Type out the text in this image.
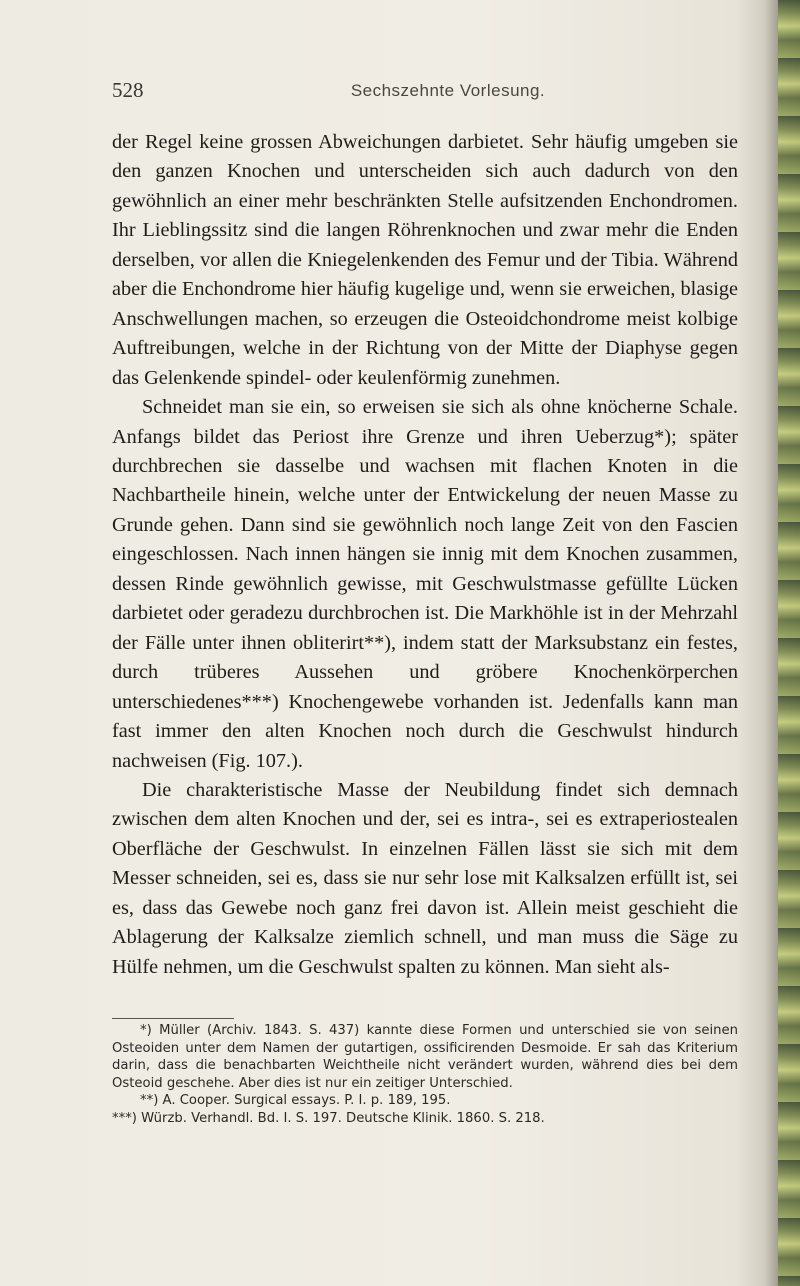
528	Sechszehnte Vorlesung.

der Regel keine grossen Abweichungen darbietet. Sehr häufig umgeben sie den ganzen Knochen und unterscheiden sich auch dadurch von den gewöhnlich an einer mehr beschränkten Stelle aufsitzenden Enchondromen. Ihr Lieblingssitz sind die langen Röhrenknochen und zwar mehr die Enden derselben, vor allen die Kniegelenkenden des Femur und der Tibia. Während aber die Enchondrome hier häufig kugelige und, wenn sie erweichen, blasige Anschwellungen machen, so erzeugen die Osteoidchondrome meist kolbige Auftreibungen, welche in der Richtung von der Mitte der Diaphyse gegen das Gelenkende spindel- oder keulenförmig zunehmen.

Schneidet man sie ein, so erweisen sie sich als ohne knöcherne Schale. Anfangs bildet das Periost ihre Grenze und ihren Ueberzug*); später durchbrechen sie dasselbe und wachsen mit flachen Knoten in die Nachbartheile hinein, welche unter der Entwickelung der neuen Masse zu Grunde gehen. Dann sind sie gewöhnlich noch lange Zeit von den Fascien eingeschlossen. Nach innen hängen sie innig mit dem Knochen zusammen, dessen Rinde gewöhnlich gewisse, mit Geschwulstmasse gefüllte Lücken darbietet oder geradezu durchbrochen ist. Die Markhöhle ist in der Mehrzahl der Fälle unter ihnen obliterirt**), indem statt der Marksubstanz ein festes, durch trüberes Aussehen und gröbere Knochenkörperchen unterschiedenes***) Knochengewebe vorhanden ist. Jedenfalls kann man fast immer den alten Knochen noch durch die Geschwulst hindurch nachweisen (Fig. 107.).

Die charakteristische Masse der Neubildung findet sich demnach zwischen dem alten Knochen und der, sei es intra-, sei es extraperiostealen Oberfläche der Geschwulst. In einzelnen Fällen lässt sie sich mit dem Messer schneiden, sei es, dass sie nur sehr lose mit Kalksalzen erfüllt ist, sei es, dass das Gewebe noch ganz frei davon ist. Allein meist geschieht die Ablagerung der Kalksalze ziemlich schnell, und man muss die Säge zu Hülfe nehmen, um die Geschwulst spalten zu können. Man sieht als-

*) Müller (Archiv. 1843. S. 437) kannte diese Formen und unterschied sie von seinen Osteoiden unter dem Namen der gutartigen, ossificirenden Desmoide. Er sah das Kriterium darin, dass die benachbarten Weichtheile nicht verändert wurden, während dies bei dem Osteoid geschehe. Aber dies ist nur ein zeitiger Unterschied.

**) A. Cooper. Surgical essays. P. I. p. 189, 195.

***) Würzb. Verhandl. Bd. I. S. 197. Deutsche Klinik. 1860. S. 218.
